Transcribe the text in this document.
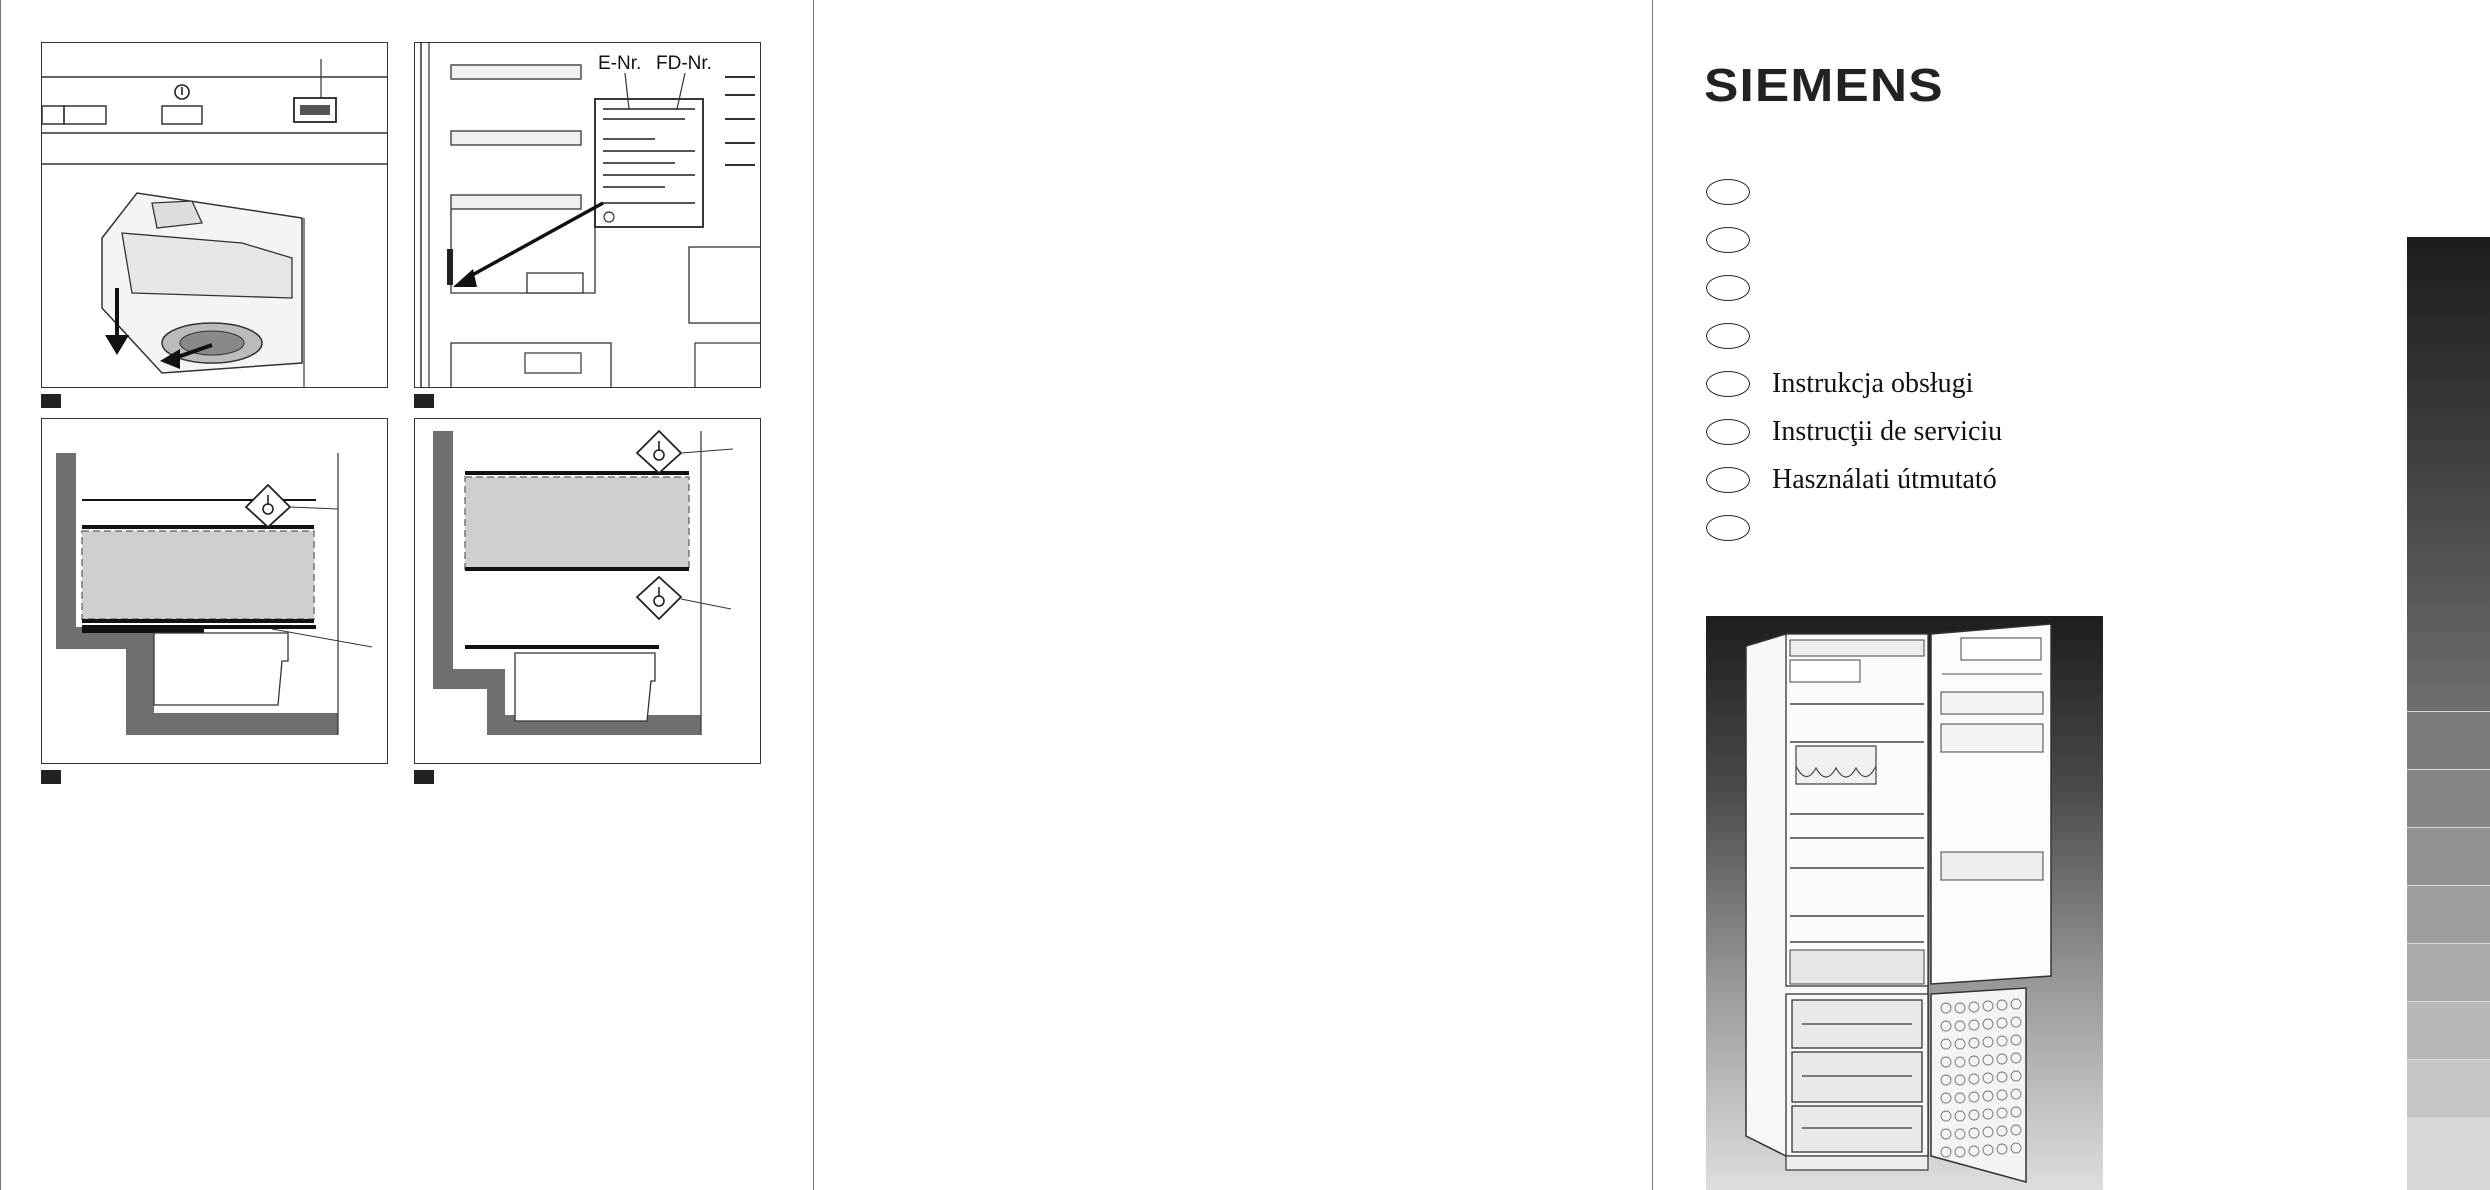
E-Nr. FD-Nr.	SIEMENS
Instrukcja obsługi
Instrucţii de serviciu
Használati útmutató
